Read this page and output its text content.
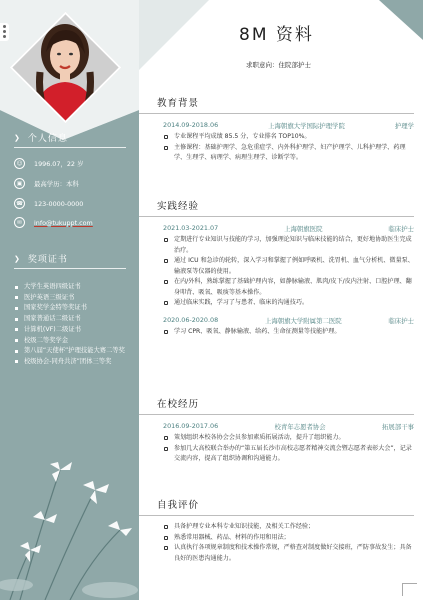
❯ 个人信息
☺	1996.07，22 岁
▣	最高学历：本科
☎	123-0000-0000
✉	info@tukuppt.com
❯ 奖项证书
大学生英语四级证书
医护英语三级证书
国家奖学金特等奖证书
国家普通话二级证书
计算机(VF)二级证书
校级二等奖学金
第八届“天使杯”护理技能大赛二等奖
校级协会-同舟共济”团体三等奖
8M 资料
求职意向：住院部护士
教育背景
2014.09-2018.06	上海朝旗大学国际护理学院	护理学
专业课程平均成绩 85.5 分，专业排名 TOP10%。
主修课程：基础护理学、急危重症学、内外科护理学、妇产护理学、儿科护理学、药理学、生理学、病理学、病理生理学、诊断学等。
实践经验
2021.03-2021.07	上海朝旗医院	临床护士
定期进行专业知识与技能的学习，加强理论知识与临床技能的结合，更好地协助医生完成治疗。
通过 ICU 和急诊的轮转，深入学习和掌握了例如呼吸机、洗胃机、血气分析机、微量泵、输液泵等仪器的使用。
在内/外科，熟练掌握了基础护理内容，如静脉输液、肌肉/皮下/皮内注射、口腔护理、翻身叩背、吸氧、吸痰等基本操作。
通过临床实践，学习了与患者、临床的沟通技巧。
2020.06-2020.08	上海朝旗大学附属第二医院	临床护士
学习 CPR、吸氧、静脉输液、给药、生命征测量等技能护理。
在校经历
2016.09-2017.06	校青年志愿者协会	拓展部干事
策划组织本校各协会会员参加素质拓展活动，提升了组织能力。
参加几大高校联合举办的“第五届长沙市高校志愿者精神交流会暨志愿者表彰大会”，记录交流内容，提高了组织协调和沟通能力。
自我评价
具备护理专业本科专业知识技能，及相关工作经验；
熟悉常用器械、药品、材料的作用和用法；
认真执行各项规章制度和技术操作常规，严格查对制度做好交接班，严防事故发生；具备良好的医患沟通能力。
